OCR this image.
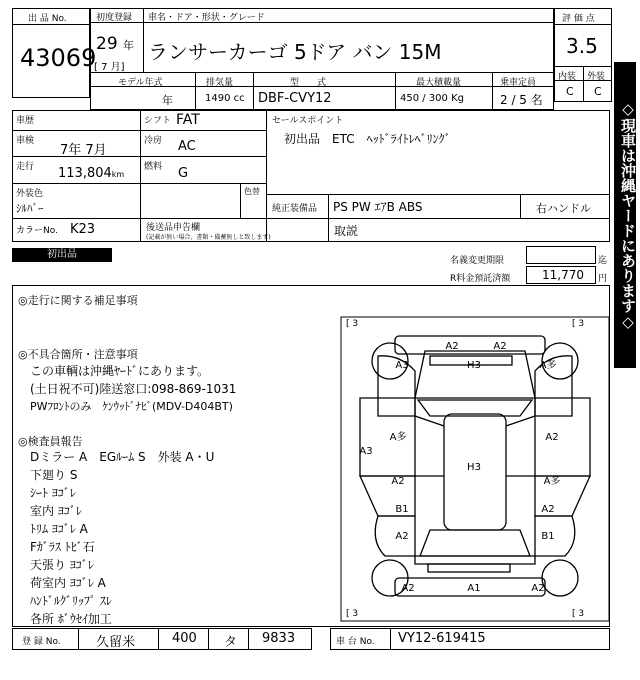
出 品 No.
43069
初度登録
29 年
[ 7 月]
車名・ドア・形状・グレード
ランサーカーゴ 5ドア バン 15M
モデル年式	排気量	型　　式	最大積載量	乗車定員
年	1490 cc DBF-CVY12	450 / 300 Kg	2 / 5 名
評 価 点
3.5
内装 外装
C C
◇現車は沖縄ヤードにあります◇
車歴
車検
7年 7月
走行 113,804km
シフト FAT
冷房 AC
燃料 G
セールスポイント
初出品　ETC　ﾍｯﾄﾞﾗｲﾄﾚﾍﾞﾘﾝｸﾞ
外装色
ｼﾙﾊﾞｰ
色替
純正装備品 PS PW ｴｱB ABS	右ハンドル
カラーNo. K23	後送品申告欄
(記載が無い場合、書類・備蓄無しと致します)	取説
初出品
名義変更期限	迄
R料金預託済額	11,770 円
◎走行に関する補足事項
◎不具合箇所・注意事項
この車輌は沖縄ﾔｰﾄﾞにあります。
(土日祝不可)陸送窓口:098-869-1031
PWﾌﾛﾝﾄのみ　ｹﾝｳｯﾄﾞﾅﾋﾞ(MDV-D404BT)
◎検査員報告
Dミラー A　EGﾙｰﾑ S　外装 A・U
下廻り S
ｼｰﾄ ﾖｺﾞﾚ
室内 ﾖｺﾞﾚ
ﾄﾘﾑ ﾖｺﾞﾚ A
Fｶﾞﾗｽ ﾄﾋﾞ石
天張り ﾖｺﾞﾚ
荷室内 ﾖｺﾞﾚ A
ﾊﾝﾄﾞﾙｸﾞﾘｯﾌﾟ ｽﾚ
各所 ﾎﾞｳｾｲ加工
[ 3	[ 3
[ 3	[ 3
A2	A2
A3	H3	A多
A3
A多	A2
H3
A2	A多
B1
A2	B1
A2
A2	A1	A2
登 録 No.	久留米	400 タ 9833	車 台 No. VY12-619415
